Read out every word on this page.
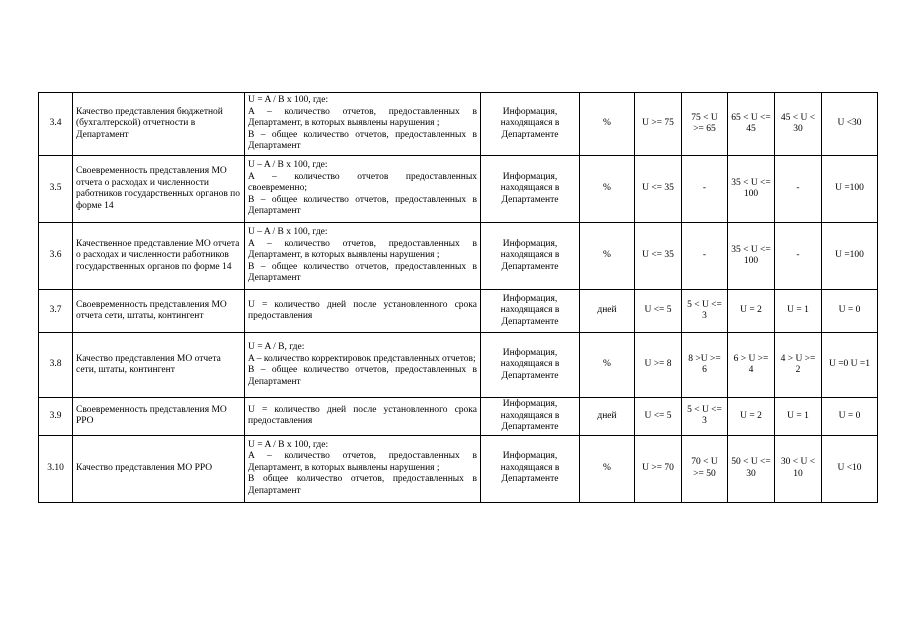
3.4	Качество представления бюджетной (бухгалтерской) отчетности в Департамент	U = A / B x 100, где:
A – количество отчетов, предоставленных в Департамент, в которых выявлены нарушения ;
B – общее количество отчетов, предоставленных в Департамент	Информация, находящаяся в Департаменте	%	U >= 75	75 < U >= 65	65 < U <= 45	45 < U < 30	U <30
3.5	Своевременность представления МО отчета о расходах и численности работников государственных органов по форме 14	U – A / B x 100, где:
A – количество отчетов предоставленных своевременно;
B – общее количество отчетов, предоставленных в Департамент	Информация, находящаяся в Департаменте	%	U <= 35	-	35 < U <= 100	-	U =100
3.6	Качественное представление МО отчета о расходах и численности работников государственных органов по форме 14	U – A / B x 100, где:
A – количество отчетов, предоставленных в Департамент, в которых выявлены нарушения ;
B – общее количество отчетов, предоставленных в Департамент	Информация, находящаяся в Департаменте	%	U <= 35	-	35 < U <= 100	-	U =100
3.7	Своевременность представления МО отчета сети, штаты, контингент	U = количество дней после установленного срока предоставления	Информация, находящаяся в Департаменте	дней	U <= 5	5 < U <= 3	U = 2	U = 1	U = 0
3.8	Качество представления МО отчета сети, штаты, контингент	U = A / B, где:
A – количество корректировок представленных отчетов;
B – общее количество отчетов, предоставленных в Департамент	Информация, находящаяся в Департаменте	%	U >= 8	8 >U >= 6	6 > U >= 4	4 > U >= 2	U =0 U =1
3.9	Своевременность представления МО РРО	U = количество дней после установленного срока предоставления	Информация, находящаяся в Департаменте	дней	U <= 5	5 < U <= 3	U = 2	U = 1	U = 0
3.10	Качество представления МО РРО	U = A / B x 100, где:
A – количество отчетов, предоставленных в Департамент, в которых выявлены нарушения ;
B общее количество отчетов, предоставленных в Департамент	Информация, находящаяся в Департаменте	%	U >= 70	70 < U >= 50	50 < U <= 30	30 < U < 10	U <10
